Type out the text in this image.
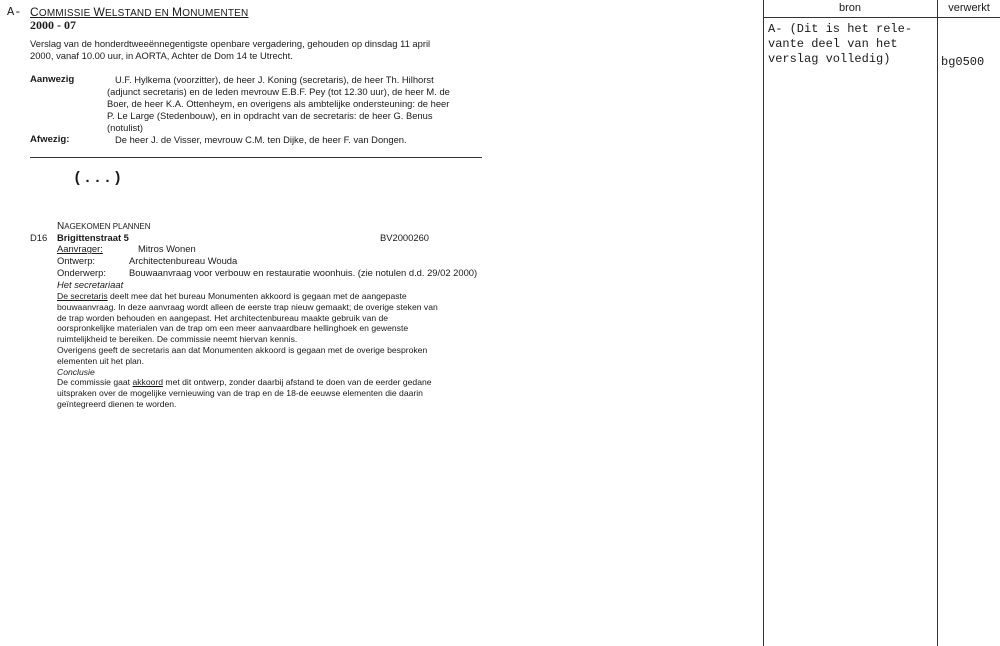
A- COMMISSIE WELSTAND EN MONUMENTEN
2000 - 07
Verslag van de honderdtweeënnegentigste openbare vergadering, gehouden op dinsdag 11 april
2000, vanaf 10.00 uur, in AORTA, Achter de Dom 14 te Utrecht.
Aanwezig	U.F. Hylkema (voorzitter), de heer J. Koning (secretaris), de heer Th. Hilhorst
(adjunct secretaris) en de leden mevrouw E.B.F. Pey (tot 12.30 uur), de heer M. de
Boer, de heer K.A. Ottenheym, en overigens als ambtelijke ondersteuning: de heer
P. Le Large (Stedenbouw), en in opdracht van de secretaris: de heer G. Benus
(notulist)
Afwezig:	De heer J. de Visser, mevrouw C.M. ten Dijke, de heer F. van Dongen.
(...)
NAGEKOMEN PLANNEN
D16 Brigittenstraat 5	BV2000260
Aanvrager:	Mitros Wonen
Ontwerp:	Architectenbureau Wouda
Onderwerp: Bouwaanvraag voor verbouw en restauratie woonhuis. (zie notulen d.d. 29/02 2000)
Het secretariaat
De secretaris deelt mee dat het bureau Monumenten akkoord is gegaan met de aangepaste
bouwaanvraag. In deze aanvraag wordt alleen de eerste trap nieuw gemaakt; de overige steken van
de trap worden behouden en aangepast. Het architectenbureau maakte gebruik van de
oorspronkelijke materialen van de trap om een meer aanvaardbare hellinghoek en gewenste
ruimtelijkheid te bereiken. De commissie neemt hiervan kennis.
Overigens geeft de secretaris aan dat Monumenten akkoord is gegaan met de overige besproken
elementen uit het plan.
Conclusie
De commissie gaat akkoord met dit ontwerp, zonder daarbij afstand te doen van de eerder gedane
uitspraken over de mogelijke vernieuwing van de trap en de 18-de eeuwse elementen die daarin
geïntegreerd dienen te worden.
bron	verwerkt
A- (Dit is het rele-
vante deel van het
verslag volledig)	bg0500
